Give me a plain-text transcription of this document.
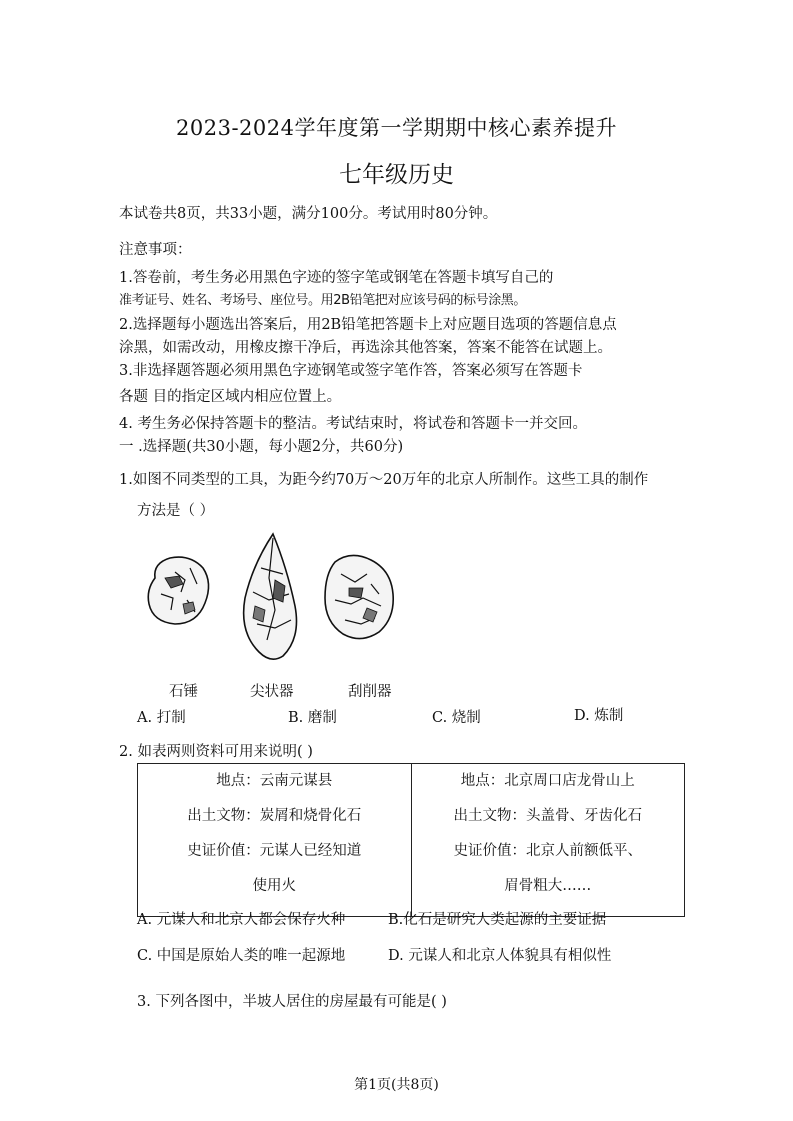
2023-2024学年度第一学期期中核心素养提升
七年级历史
本试卷共8页，共33小题，满分100分。考试用时80分钟。
注意事项：
1.答卷前，考生务必用黑色字迹的签字笔或钢笔在答题卡填写自己的
准考证号、姓名、考场号、座位号。用2B铅笔把对应该号码的标号涂黑。
2.选择题每小题选出答案后，用2B铅笔把答题卡上对应题目选项的答题信息点
涂黑，如需改动，用橡皮擦干净后，再选涂其他答案，答案不能答在试题上。
3.非选择题答题必须用黑色字迹钢笔或签字笔作答，答案必须写在答题卡
各题 目的指定区域内相应位置上。
4. 考生务必保持答题卡的整洁。考试结束时，将试卷和答题卡一并交回。
一 .选择题(共30小题，每小题2分，共60分)
1.如图不同类型的工具，为距今约70万～20万年的北京人所制作。这些工具的制作
方法是（ ）
石锤	尖状器	刮削器
A. 打制	B. 磨制	C. 烧制	D. 炼制
2. 如表两则资料可用来说明( )
地点：云南元谋县
出土文物：炭屑和烧骨化石
史证价值：元谋人已经知道
使用火

地点：北京周口店龙骨山上
出土文物：头盖骨、牙齿化石
史证价值：北京人前额低平、
眉骨粗大……
A. 元谋人和北京人都会保存火种	B.化石是研究人类起源的主要证据
C. 中国是原始人类的唯一起源地	D. 元谋人和北京人体貌具有相似性
3. 下列各图中，半坡人居住的房屋最有可能是( )
第1页(共8页)
